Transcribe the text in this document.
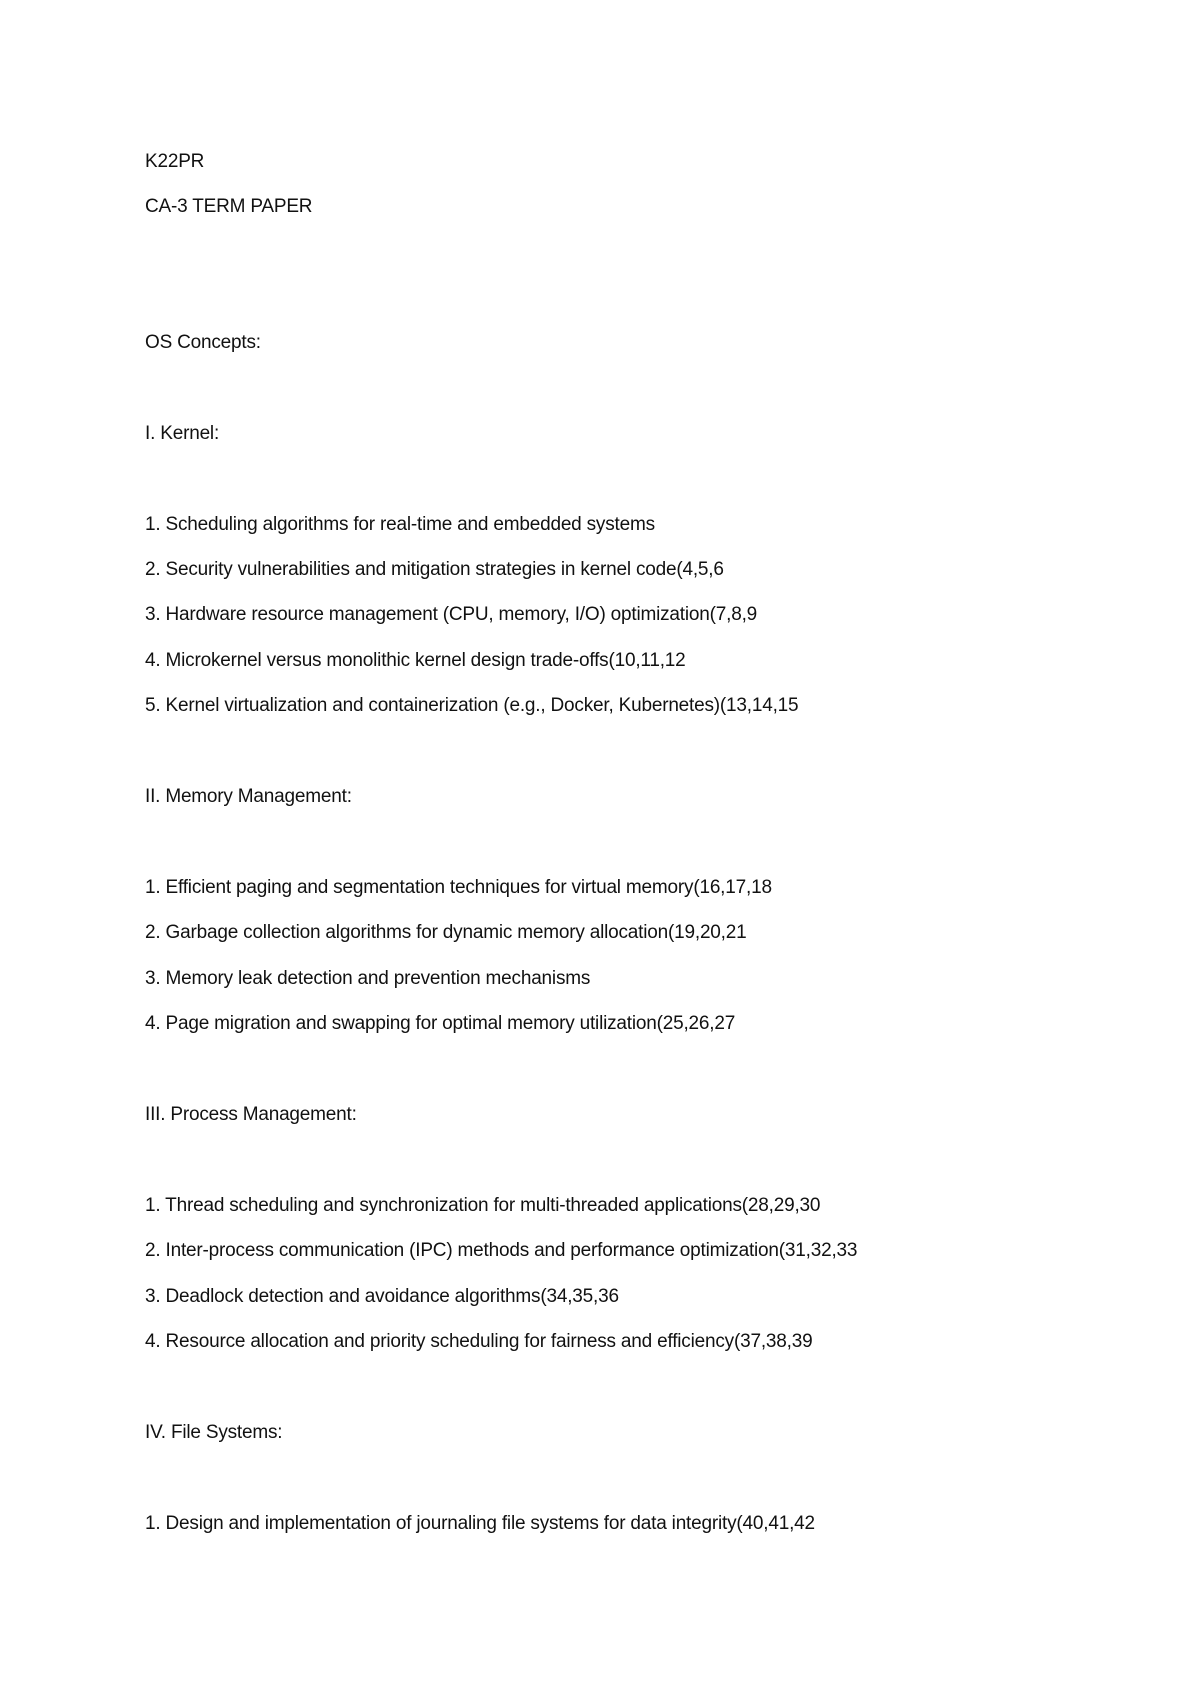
K22PR
CA-3 TERM PAPER
OS Concepts:
I. Kernel:
1. Scheduling algorithms for real-time and embedded systems
2. Security vulnerabilities and mitigation strategies in kernel code(4,5,6
3. Hardware resource management (CPU, memory, I/O) optimization(7,8,9
4. Microkernel versus monolithic kernel design trade-offs(10,11,12
5. Kernel virtualization and containerization (e.g., Docker, Kubernetes)(13,14,15
II. Memory Management:
1. Efficient paging and segmentation techniques for virtual memory(16,17,18
2. Garbage collection algorithms for dynamic memory allocation(19,20,21
3. Memory leak detection and prevention mechanisms
4. Page migration and swapping for optimal memory utilization(25,26,27
III. Process Management:
1. Thread scheduling and synchronization for multi-threaded applications(28,29,30
2. Inter-process communication (IPC) methods and performance optimization(31,32,33
3. Deadlock detection and avoidance algorithms(34,35,36
4. Resource allocation and priority scheduling for fairness and efficiency(37,38,39
IV. File Systems:
1. Design and implementation of journaling file systems for data integrity(40,41,42
